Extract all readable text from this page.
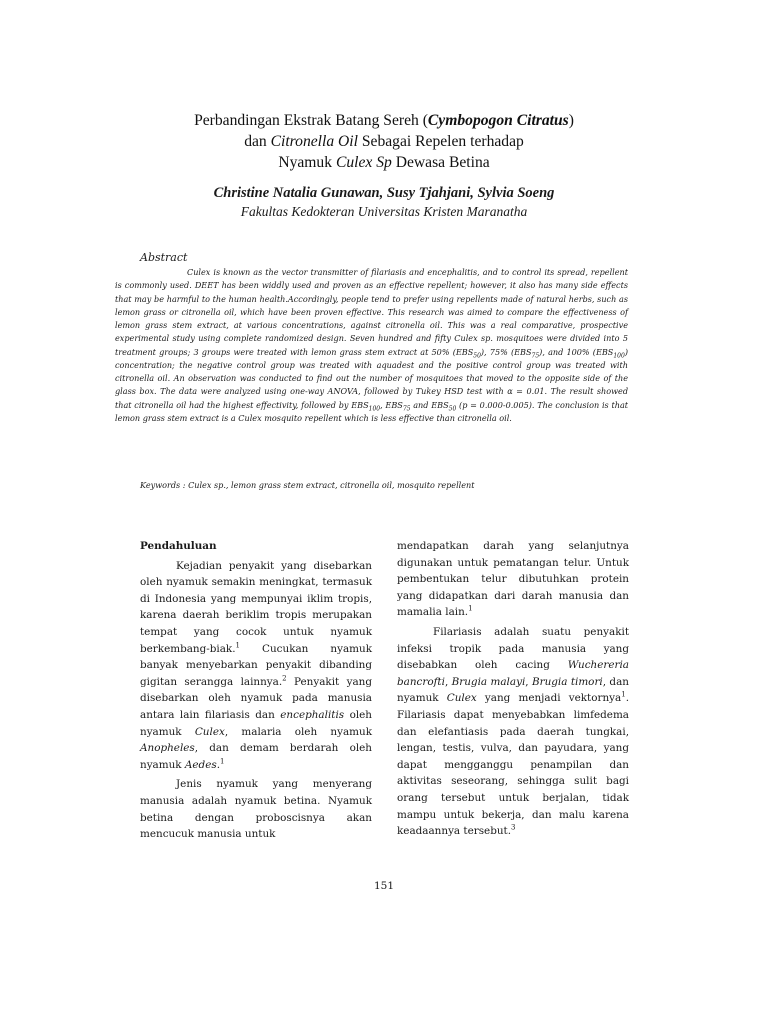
Perbandingan Ekstrak Batang Sereh (Cymbopogon Citratus)
dan Citronella Oil Sebagai Repelen terhadap
Nyamuk Culex Sp Dewasa Betina
Christine Natalia Gunawan, Susy Tjahjani, Sylvia Soeng
Fakultas Kedokteran Universitas Kristen Maranatha
Abstract

Culex is known as the vector transmitter of filariasis and encephalitis, and to control its spread, repellent is commonly used. DEET has been widdly used and proven as an effective repellent; however, it also has many side effects that may be harmful to the human health.Accordingly, people tend to prefer using repellents made of natural herbs, such as lemon grass or citronella oil, which have been proven effective. This research was aimed to compare the effectiveness of lemon grass stem extract, at various concentrations, against citronella oil. This was a real comparative, prospective experimental study using complete randomized design. Seven hundred and fifty Culex sp. mosquitoes were divided into 5 treatment groups; 3 groups were treated with lemon grass stem extract at 50% $(EBS_{50})$, 75% $(EBS_{75})$, and 100% $(EBS_{100})$ concentration; the negative control group was treated with aquadest and the positive control group was treated with citronella oil. An observation was conducted to find out the number of mosquitoes that moved to the opposite side of the glass box. The data were analyzed using one-way ANOVA, followed by Tukey HSD test with α = 0.01. The result showed that citronella oil had the highest effectivity, followed by $EBS_{100}$, $EBS_{75}$ and $EBS_{50}$ (p = 0.000-0.005). The conclusion is that lemon grass stem extract is a Culex mosquito repellent which is less effective than citronella oil.

Keywords : Culex sp., lemon grass stem extract, citronella oil, mosquito repellent

Pendahuluan

Kejadian penyakit yang disebarkan oleh nyamuk semakin meningkat, termasuk di Indonesia yang mempunyai iklim tropis, karena daerah beriklim tropis merupakan tempat yang cocok untuk nyamuk berkembang-biak.$^1$ Cucukan nyamuk banyak menyebarkan penyakit dibanding gigitan serangga lainnya.$^2$ Penyakit yang disebarkan oleh nyamuk pada manusia antara lain filariasis dan encephalitis oleh nyamuk Culex, malaria oleh nyamuk Anopheles, dan demam berdarah oleh nyamuk Aedes.$^1$

Jenis nyamuk yang menyerang manusia adalah nyamuk betina. Nyamuk betina dengan proboscisnya akan mencucuk manusia untuk

mendapatkan darah yang selanjutnya digunakan untuk pematangan telur. Untuk pembentukan telur dibutuhkan protein yang didapatkan dari darah manusia dan mamalia lain.$^1$

Filariasis adalah suatu penyakit infeksi tropik pada manusia yang disebabkan oleh cacing Wuchereria bancrofti, Brugia malayi, Brugia timori, dan nyamuk Culex yang menjadi vektornya$^1$. Filariasis dapat menyebabkan limfedema dan elefantiasis pada daerah tungkai, lengan, testis, vulva, dan payudara, yang dapat mengganggu penampilan dan aktivitas seseorang, sehingga sulit bagi orang tersebut untuk berjalan, tidak mampu untuk bekerja, dan malu karena keadaannya tersebut.$^3$

151
